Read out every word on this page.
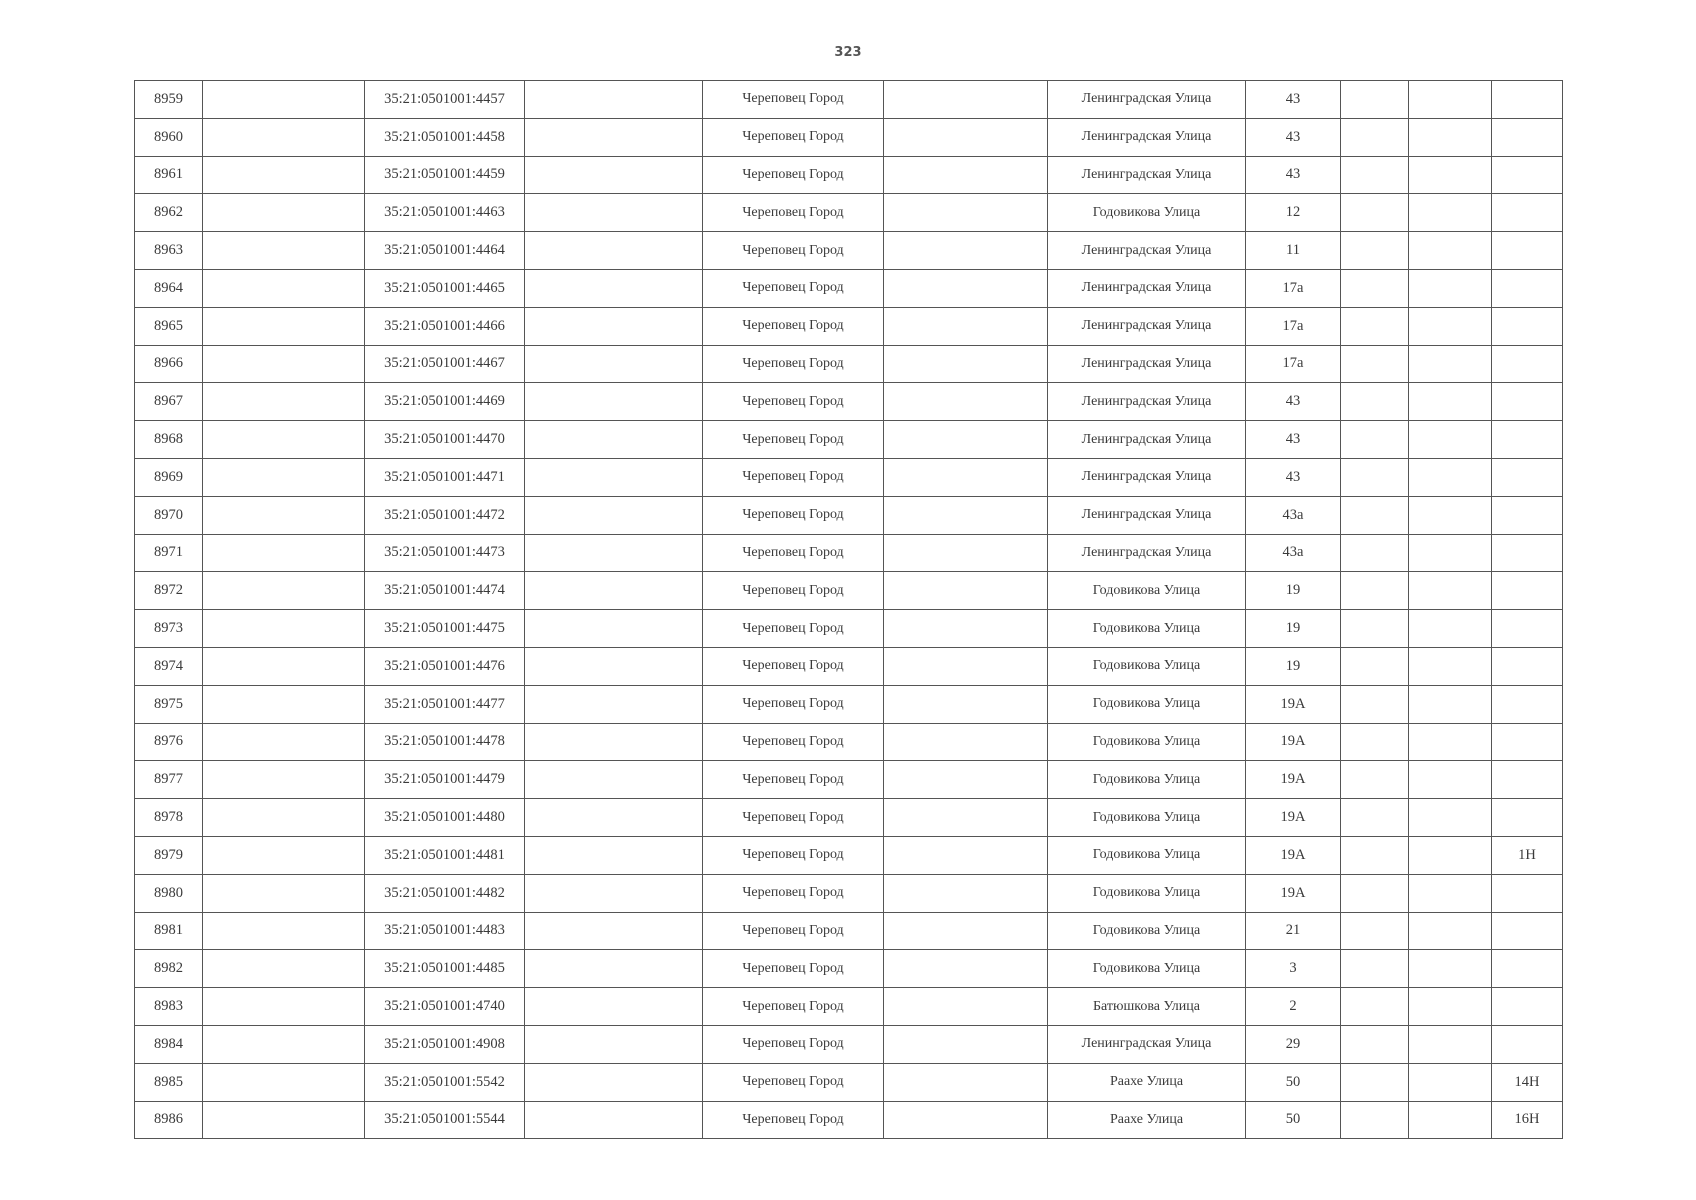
323
8959		35:21:0501001:4457		Череповец Город		Ленинградская Улица	43			
8960		35:21:0501001:4458		Череповец Город		Ленинградская Улица	43			
8961		35:21:0501001:4459		Череповец Город		Ленинградская Улица	43			
8962		35:21:0501001:4463		Череповец Город		Годовикова Улица	12			
8963		35:21:0501001:4464		Череповец Город		Ленинградская Улица	11			
8964		35:21:0501001:4465		Череповец Город		Ленинградская Улица	17а			
8965		35:21:0501001:4466		Череповец Город		Ленинградская Улица	17а			
8966		35:21:0501001:4467		Череповец Город		Ленинградская Улица	17а			
8967		35:21:0501001:4469		Череповец Город		Ленинградская Улица	43			
8968		35:21:0501001:4470		Череповец Город		Ленинградская Улица	43			
8969		35:21:0501001:4471		Череповец Город		Ленинградская Улица	43			
8970		35:21:0501001:4472		Череповец Город		Ленинградская Улица	43а			
8971		35:21:0501001:4473		Череповец Город		Ленинградская Улица	43а			
8972		35:21:0501001:4474		Череповец Город		Годовикова Улица	19			
8973		35:21:0501001:4475		Череповец Город		Годовикова Улица	19			
8974		35:21:0501001:4476		Череповец Город		Годовикова Улица	19			
8975		35:21:0501001:4477		Череповец Город		Годовикова Улица	19А			
8976		35:21:0501001:4478		Череповец Город		Годовикова Улица	19А			
8977		35:21:0501001:4479		Череповец Город		Годовикова Улица	19А			
8978		35:21:0501001:4480		Череповец Город		Годовикова Улица	19А			
8979		35:21:0501001:4481		Череповец Город		Годовикова Улица	19А			1Н
8980		35:21:0501001:4482		Череповец Город		Годовикова Улица	19А			
8981		35:21:0501001:4483		Череповец Город		Годовикова Улица	21			
8982		35:21:0501001:4485		Череповец Город		Годовикова Улица	3			
8983		35:21:0501001:4740		Череповец Город		Батюшкова Улица	2			
8984		35:21:0501001:4908		Череповец Город		Ленинградская Улица	29			
8985		35:21:0501001:5542		Череповец Город		Раахе Улица	50			14Н
8986		35:21:0501001:5544		Череповец Город		Раахе Улица	50			16Н
